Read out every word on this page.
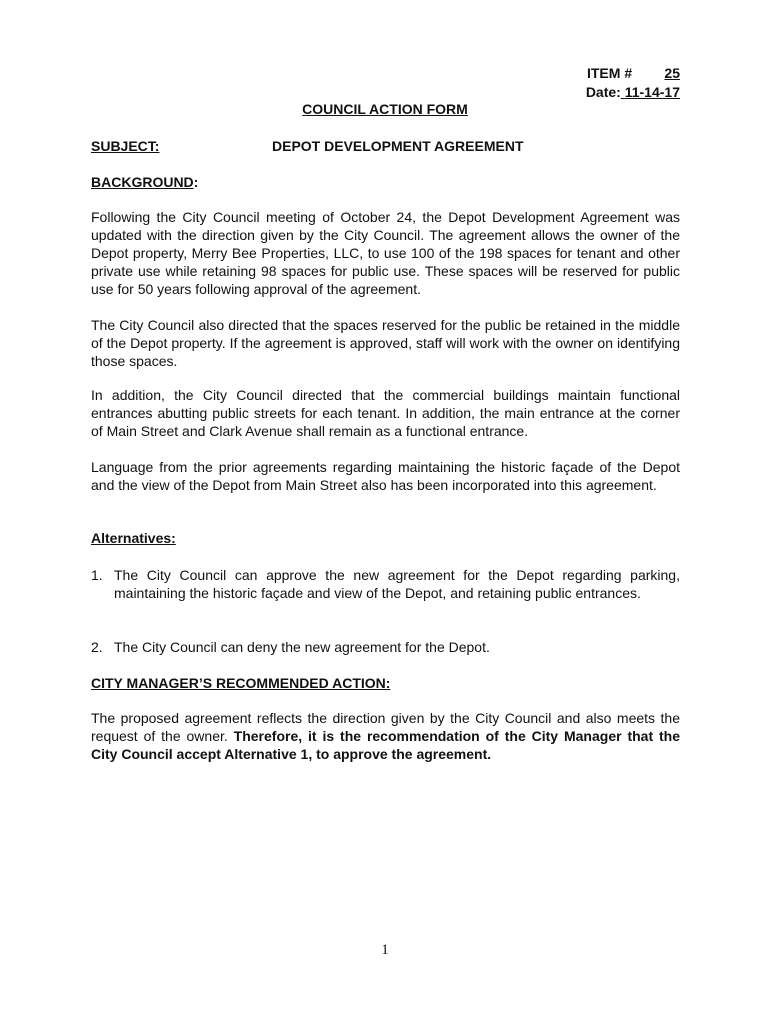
ITEM # 25
Date: 11-14-17
COUNCIL ACTION FORM
SUBJECT:	DEPOT DEVELOPMENT AGREEMENT
BACKGROUND:

Following the City Council meeting of October 24, the Depot Development Agreement was updated with the direction given by the City Council. The agreement allows the owner of the Depot property, Merry Bee Properties, LLC, to use 100 of the 198 spaces for tenant and other private use while retaining 98 spaces for public use. These spaces will be reserved for public use for 50 years following approval of the agreement.

The City Council also directed that the spaces reserved for the public be retained in the middle of the Depot property. If the agreement is approved, staff will work with the owner on identifying those spaces.

In addition, the City Council directed that the commercial buildings maintain functional entrances abutting public streets for each tenant. In addition, the main entrance at the corner of Main Street and Clark Avenue shall remain as a functional entrance.

Language from the prior agreements regarding maintaining the historic façade of the Depot and the view of the Depot from Main Street also has been incorporated into this agreement.

Alternatives:
1. The City Council can approve the new agreement for the Depot regarding parking, maintaining the historic façade and view of the Depot, and retaining public entrances.
2. The City Council can deny the new agreement for the Depot.
CITY MANAGER’S RECOMMENDED ACTION:

The proposed agreement reflects the direction given by the City Council and also meets the request of the owner. Therefore, it is the recommendation of the City Manager that the City Council accept Alternative 1, to approve the agreement.

1
